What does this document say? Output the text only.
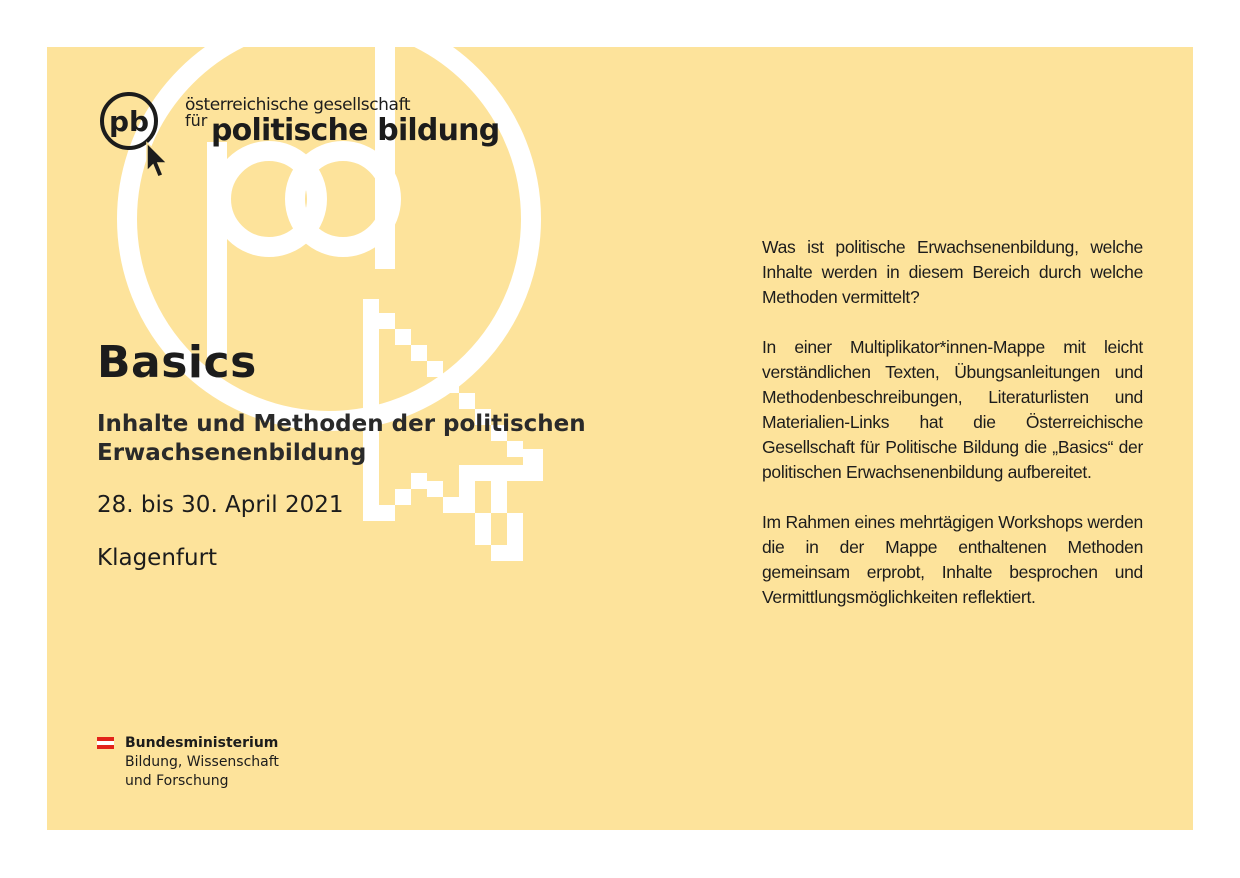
pb österreichische gesellschaft
für politische bildung
Basics
Inhalte und Methoden der politischen Erwachsenenbildung

28. bis 30. April 2021

Klagenfurt

Was ist politische Erwachsenenbildung, welche Inhalte werden in diesem Bereich durch welche Methoden vermittelt?

In einer Multiplikator*innen-Mappe mit leicht verständlichen Texten, Übungsanleitungen und Methodenbeschreibungen, Literaturlisten und Materialien-Links hat die Österreichische Gesellschaft für Politische Bildung die „Basics“ der politischen Erwachsenenbildung aufbereitet.

Im Rahmen eines mehrtägigen Workshops werden die in der Mappe enthaltenen Methoden gemeinsam erprobt, Inhalte besprochen und Vermittlungsmöglichkeiten reflektiert.

Bundesministerium
Bildung, Wissenschaft
und Forschung
